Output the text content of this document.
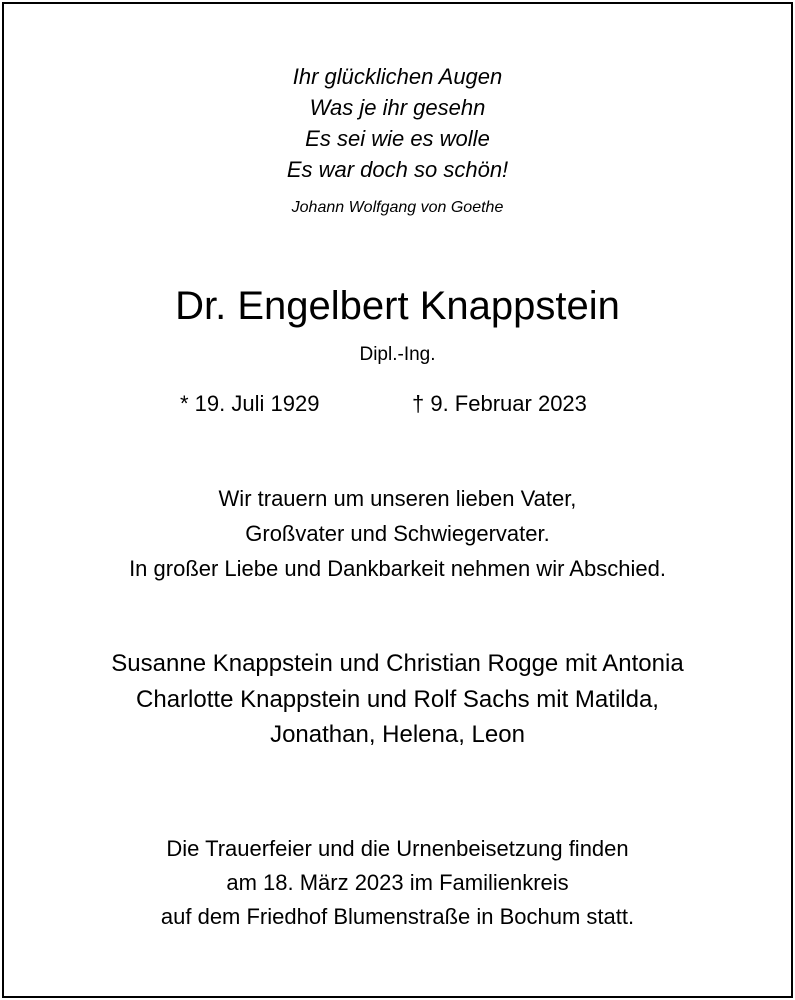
Ihr glücklichen Augen
Was je ihr gesehn
Es sei wie es wolle
Es war doch so schön!
Johann Wolfgang von Goethe
Dr. Engelbert Knappstein
Dipl.-Ing.
* 19. Juli 1929	† 9. Februar 2023
Wir trauern um unseren lieben Vater,
Großvater und Schwiegervater.
In großer Liebe und Dankbarkeit nehmen wir Abschied.
Susanne Knappstein und Christian Rogge mit Antonia
Charlotte Knappstein und Rolf Sachs mit Matilda,
Jonathan, Helena, Leon
Die Trauerfeier und die Urnenbeisetzung finden
am 18. März 2023 im Familienkreis
auf dem Friedhof Blumenstraße in Bochum statt.
